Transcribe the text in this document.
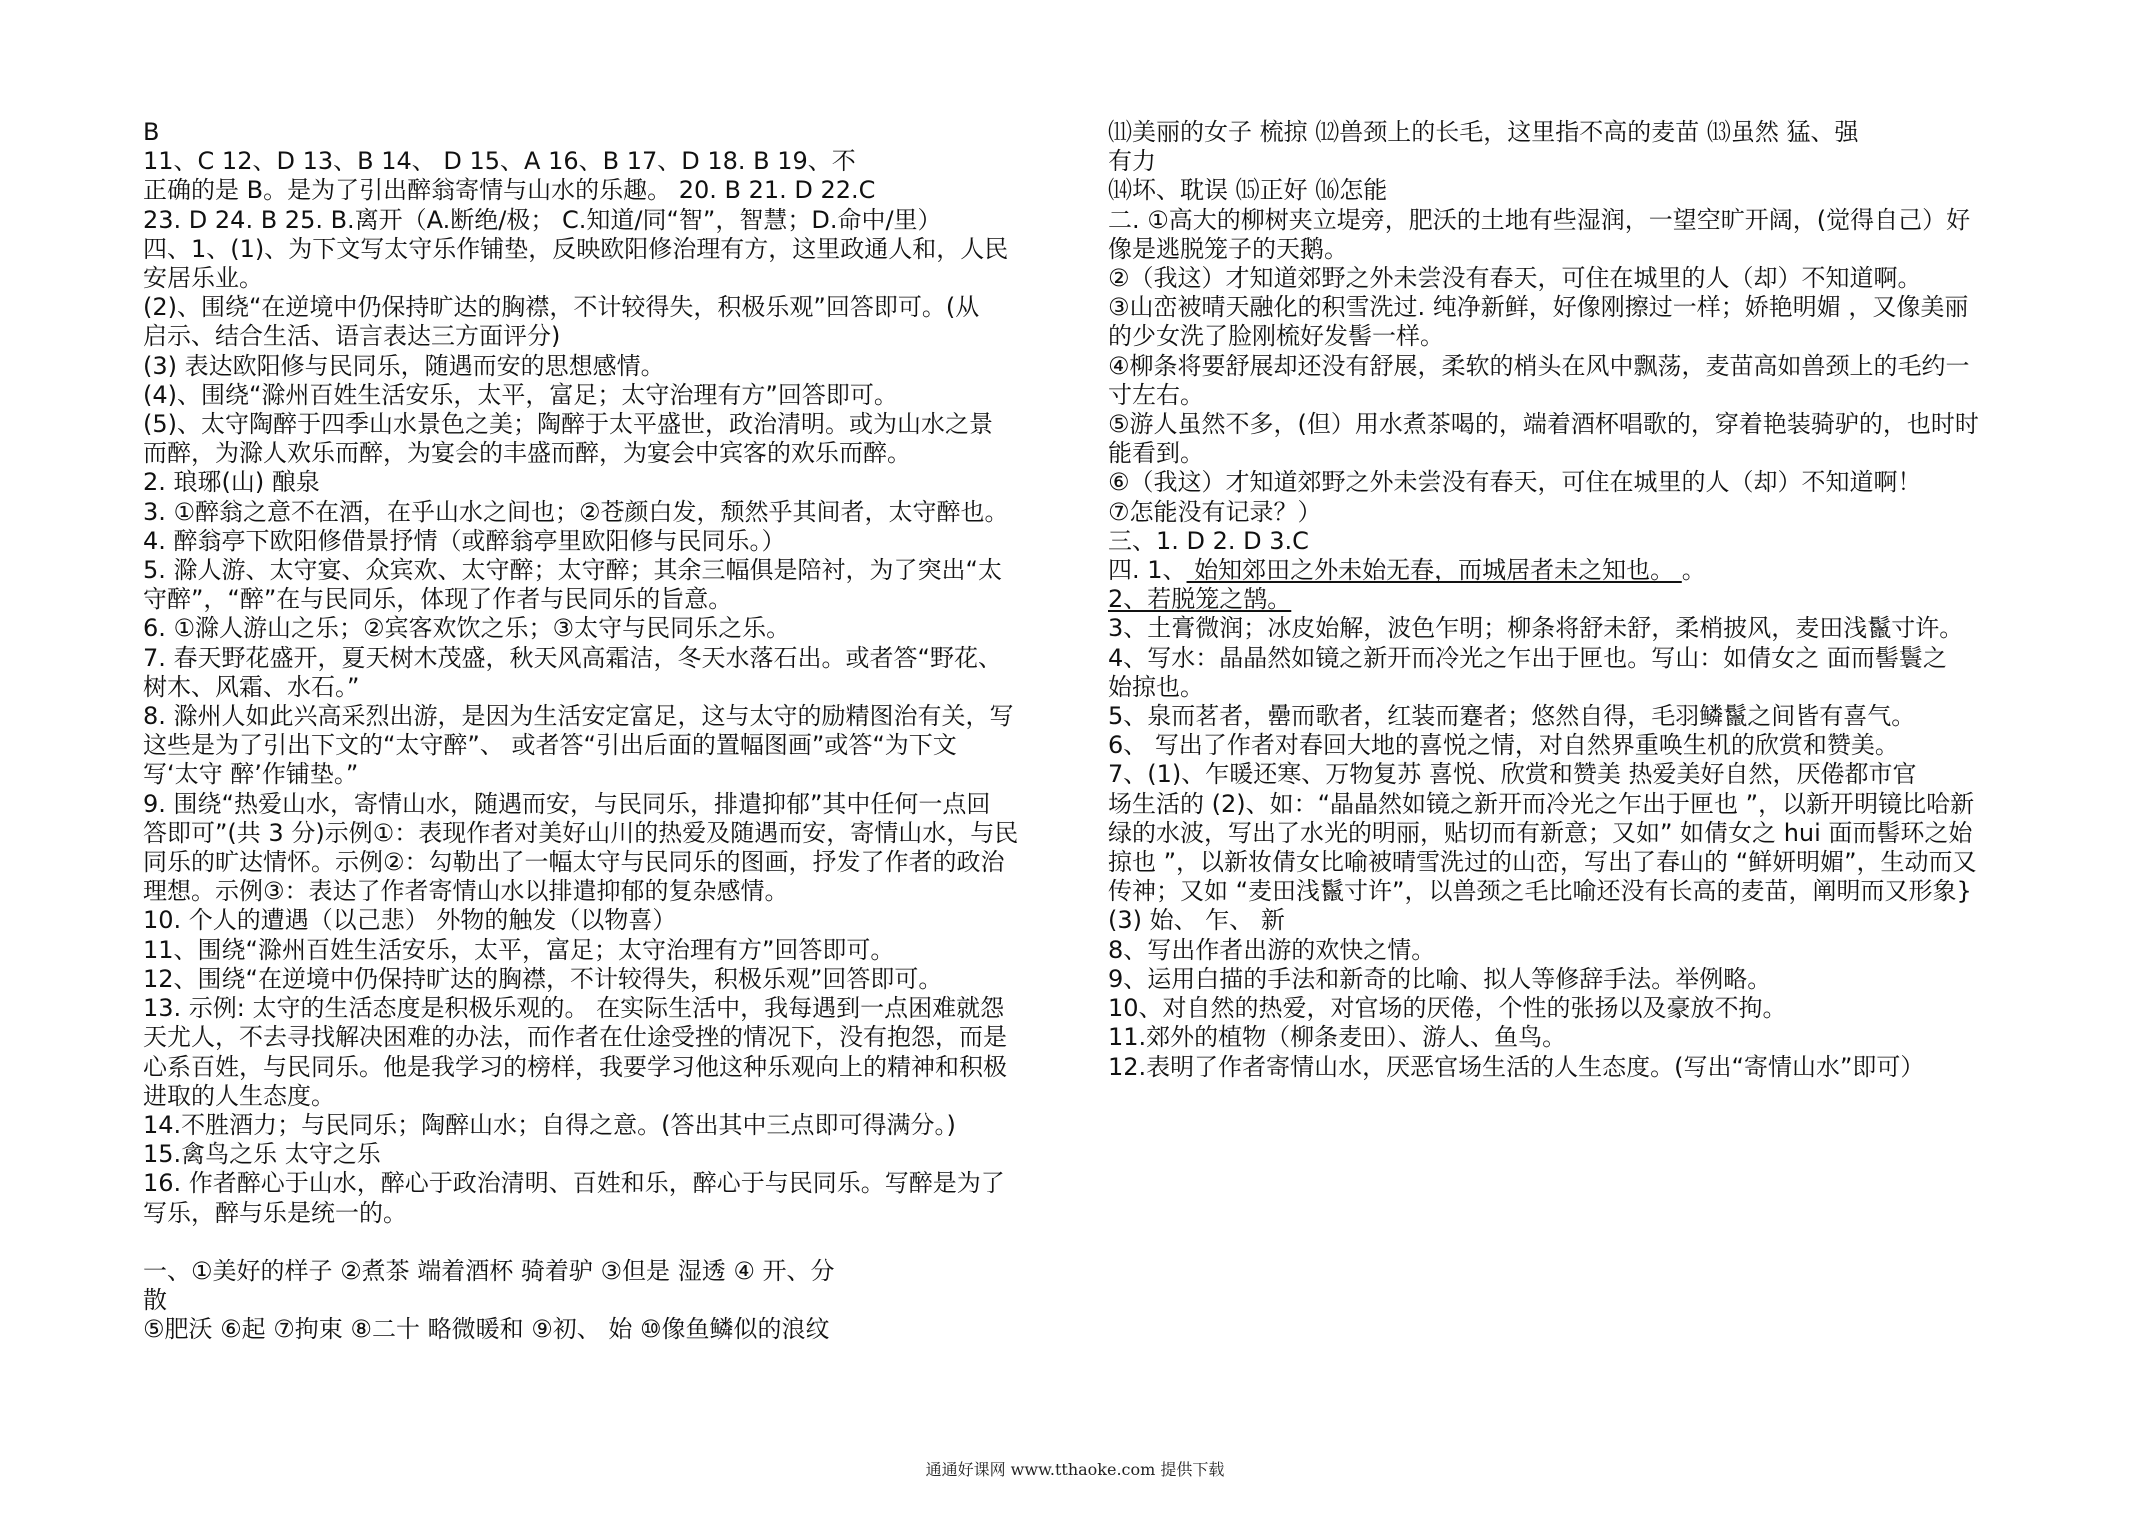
B
11、C 12、D 13、B 14、 D 15、A 16、B 17、D 18. B 19、不
正确的是 B。是为了引出醉翁寄情与山水的乐趣。 20. B 21. D 22.C
23. D 24. B 25. B.离开（A.断绝/极； C.知道/同“智”，智慧；D.命中/里）
四、1、(1)、为下文写太守乐作铺垫，反映欧阳修治理有方，这里政通人和，人民
安居乐业。
(2)、围绕“在逆境中仍保持旷达的胸襟，不计较得失，积极乐观”回答即可。(从
启示、结合生活、语言表达三方面评分)
(3) 表达欧阳修与民同乐，随遇而安的思想感情。
(4)、围绕“滁州百姓生活安乐，太平，富足；太守治理有方”回答即可。
(5)、太守陶醉于四季山水景色之美；陶醉于太平盛世，政治清明。或为山水之景
而醉，为滁人欢乐而醉，为宴会的丰盛而醉，为宴会中宾客的欢乐而醉。
2. 琅琊(山) 酿泉
3. ①醉翁之意不在酒，在乎山水之间也；②苍颜白发，颓然乎其间者，太守醉也。
4. 醉翁亭下欧阳修借景抒情（或醉翁亭里欧阳修与民同乐。）
5. 滁人游、太守宴、众宾欢、太守醉；太守醉；其余三幅俱是陪衬，为了突出“太
守醉”，“醉”在与民同乐，体现了作者与民同乐的旨意。
6. ①滁人游山之乐；②宾客欢饮之乐；③太守与民同乐之乐。
7. 春天野花盛开，夏天树木茂盛，秋天风高霜洁，冬天水落石出。或者答“野花、
树木、风霜、水石。”
8. 滁州人如此兴高采烈出游，是因为生活安定富足，这与太守的励精图治有关，写
这些是为了引出下文的“太守醉”、 或者答“引出后面的置幅图画”或答“为下文
写‘太守 醉’作铺垫。”
9. 围绕“热爱山水，寄情山水，随遇而安，与民同乐，排遣抑郁”其中任何一点回
答即可”(共 3 分)示例①：表现作者对美好山川的热爱及随遇而安，寄情山水，与民
同乐的旷达情怀。示例②：勾勒出了一幅太守与民同乐的图画，抒发了作者的政治
理想。示例③：表达了作者寄情山水以排遣抑郁的复杂感情。
10. 个人的遭遇（以己悲） 外物的触发（以物喜）
11、围绕“滁州百姓生活安乐，太平，富足；太守治理有方”回答即可。
12、围绕“在逆境中仍保持旷达的胸襟，不计较得失，积极乐观”回答即可。
13. 示例: 太守的生活态度是积极乐观的。 在实际生活中，我每遇到一点困难就怨
天尤人，不去寻找解决困难的办法，而作者在仕途受挫的情况下，没有抱怨，而是
心系百姓，与民同乐。他是我学习的榜样，我要学习他这种乐观向上的精神和积极
进取的人生态度。
14.不胜酒力；与民同乐；陶醉山水；自得之意。(答出其中三点即可得满分。)
15.禽鸟之乐 太守之乐
16. 作者醉心于山水，醉心于政治清明、百姓和乐，醉心于与民同乐。写醉是为了
写乐，醉与乐是统一的。
一、①美好的样子 ②煮茶 端着酒杯 骑着驴 ③但是 湿透 ④ 开、分
散
⑤肥沃 ⑥起 ⑦拘束 ⑧二十 略微暖和 ⑨初、 始 ⑩像鱼鳞似的浪纹
⑾美丽的女子 梳掠 ⑿兽颈上的长毛，这里指不高的麦苗 ⒀虽然 猛、强
有力
⒁坏、耽误 ⒂正好 ⒃怎能
二. ①高大的柳树夹立堤旁，肥沃的土地有些湿润，一望空旷开阔，(觉得自己）好
像是逃脱笼子的天鹅。
②（我这）才知道郊野之外未尝没有春天，可住在城里的人（却）不知道啊。
③山峦被晴天融化的积雪洗过. 纯净新鲜，好像刚擦过一样；娇艳明媚 ，又像美丽
的少女洗了脸刚梳好发髻一样。
④柳条将要舒展却还没有舒展，柔软的梢头在风中飘荡，麦苗高如兽颈上的毛约一
寸左右。
⑤游人虽然不多，(但）用水煮茶喝的，端着酒杯唱歌的，穿着艳装骑驴的，也时时
能看到。
⑥（我这）才知道郊野之外未尝没有春天，可住在城里的人（却）不知道啊！
⑦怎能没有记录？）
三、1. D 2. D 3.C
四. 1、 始知郊田之外未始无春，而城居者未之知也。 。
2、若脱笼之鹄。
3、土膏微润；冰皮始解，波色乍明；柳条将舒未舒，柔梢披风，麦田浅鬣寸许。
4、写水：晶晶然如镜之新开而冷光之乍出于匣也。写山：如倩女之 面而髻鬟之
始掠也。
5、泉而茗者，罍而歌者，红装而蹇者；悠然自得，毛羽鳞鬣之间皆有喜气。
6、 写出了作者对春回大地的喜悦之情，对自然界重唤生机的欣赏和赞美。
7、(1)、乍暖还寒、万物复苏 喜悦、欣赏和赞美 热爱美好自然，厌倦都市官
场生活的 (2)、如：“晶晶然如镜之新开而冷光之乍出于匣也 ”，以新开明镜比哈新
绿的水波，写出了水光的明丽，贴切而有新意；又如” 如倩女之 hui 面而髻环之始
掠也 ”，以新妆倩女比喻被晴雪洗过的山峦，写出了春山的 “鲜妍明媚”，生动而又
传神；又如 “麦田浅鬣寸许”，以兽颈之毛比喻还没有长高的麦苗，阐明而又形象}
(3) 始、 乍、 新
8、写出作者出游的欢快之情。
9、运用白描的手法和新奇的比喻、拟人等修辞手法。举例略。
10、对自然的热爱，对官场的厌倦，个性的张扬以及豪放不拘。
11.郊外的植物（柳条麦田）、游人、鱼鸟。
12.表明了作者寄情山水，厌恶官场生活的人生态度。(写出“寄情山水”即可）
通通好课网 www.tthaoke.com 提供下载
